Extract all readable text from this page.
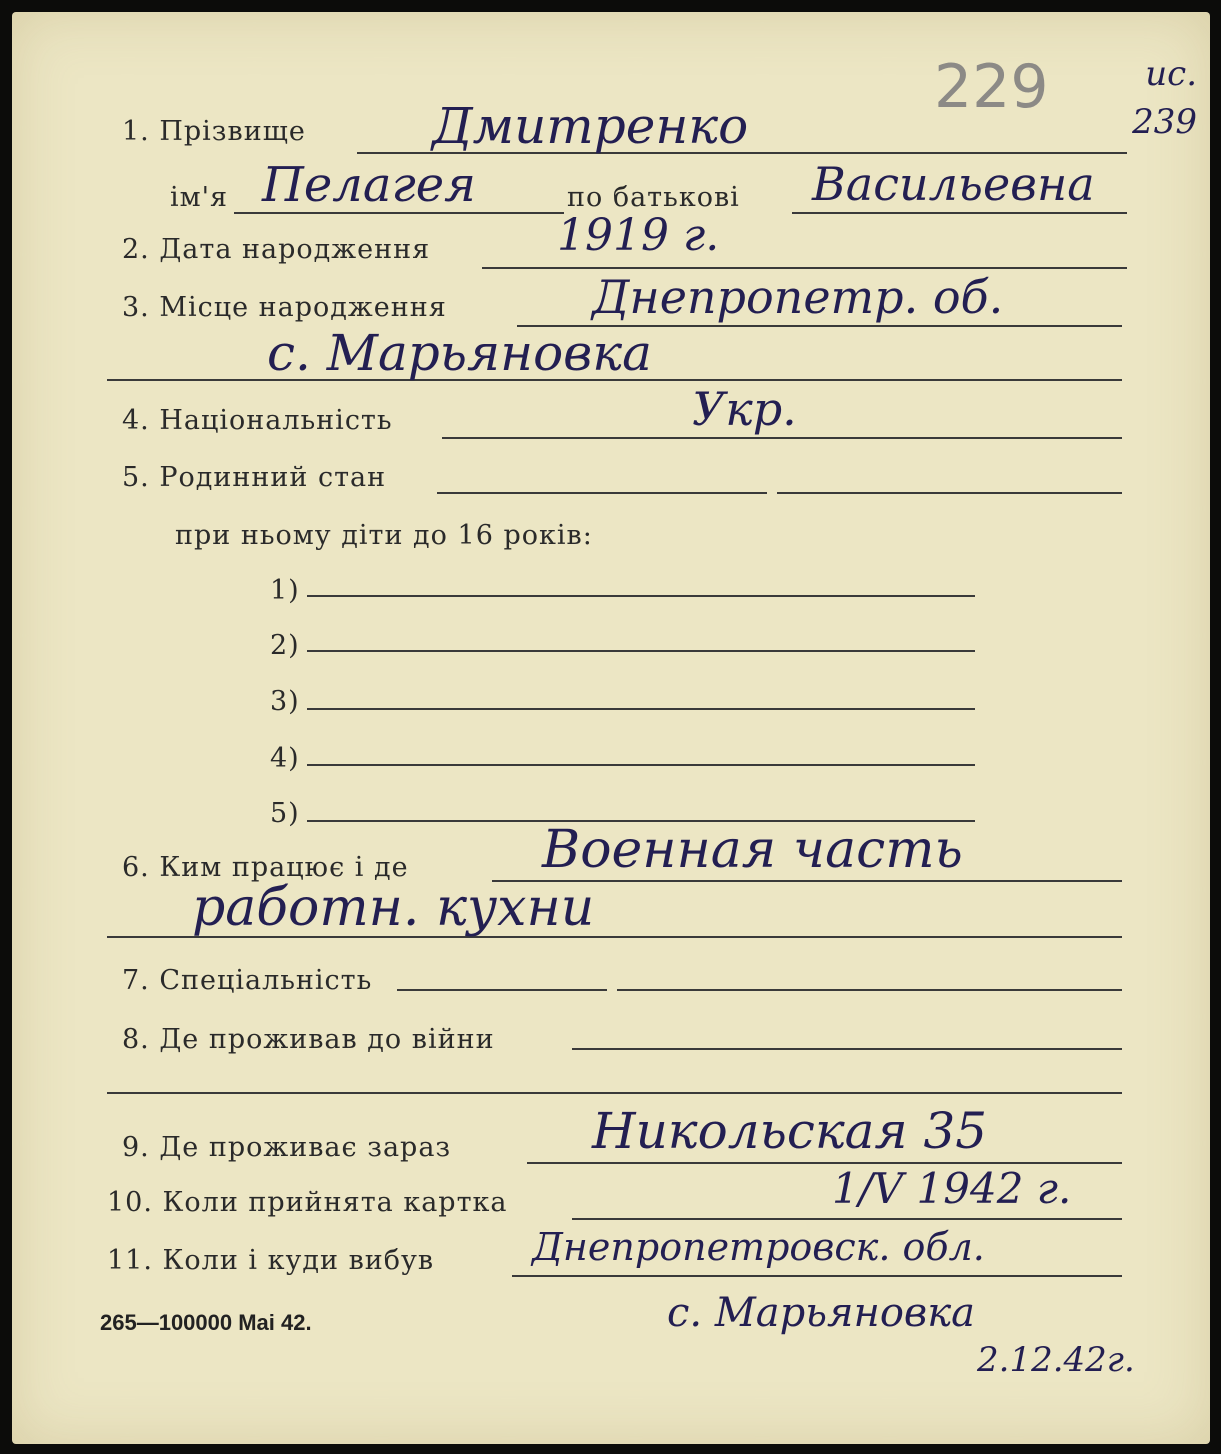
229	ис. 239
1. Прізвище	Дмитренко
ім'я Пелагея	по батькові Васильевна
2. Дата народження	1919 г.
3. Місце народження	Днепропетр. об.
с. Марьяновка
4. Національність	Укр.
5. Родинний стан
при ньому діти до 16 років:
1)
2)
3)
4)
5)
6. Ким працює і де	Военная часть
работн. кухни
7. Спеціальність
8. Де проживав до війни
9. Де проживає зараз	Никольская 35
10. Коли прийнята картка	1/V 1942 г.
11. Коли і куди вибув	Днепропетровск. обл.
с. Марьяновка
2.12.42г.
265—100000 Mai 42.
